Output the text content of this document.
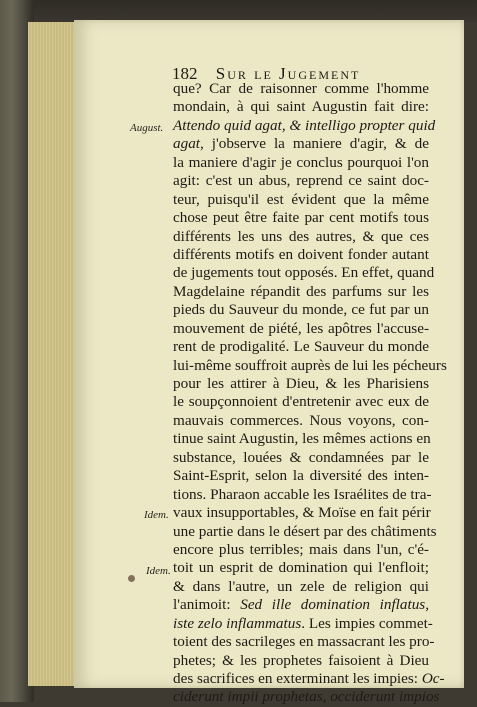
182 Sur le Jugement
August.
Idem.
Idem.
que? Car de raisonner comme l'homme
mondain, à qui saint Augustin fait dire:
Attendo quid agat, & intelligo propter quid
agat, j'observe la maniere d'agir, & de
la maniere d'agir je conclus pourquoi l'on
agit: c'est un abus, reprend ce saint doc-
teur, puisqu'il est évident que la même
chose peut être faite par cent motifs tous
différents les uns des autres, & que ces
différents motifs en doivent fonder autant
de jugements tout opposés. En effet, quand
Magdelaine répandit des parfums sur les
pieds du Sauveur du monde, ce fut par un
mouvement de piété, les apôtres l'accuse-
rent de prodigalité. Le Sauveur du monde
lui-même souffroit auprès de lui les pécheurs
pour les attirer à Dieu, & les Pharisiens
le soupçonnoient d'entretenir avec eux de
mauvais commerces. Nous voyons, con-
tinue saint Augustin, les mêmes actions en
substance, louées & condamnées par le
Saint-Esprit, selon la diversité des inten-
tions. Pharaon accable les Israélites de tra-
vaux insupportables, & Moïse en fait périr
une partie dans le désert par des châtiments
encore plus terribles; mais dans l'un, c'é-
toit un esprit de domination qui l'enfloit;
& dans l'autre, un zele de religion qui
l'animoit: Sed ille domination inflatus,
iste zelo inflammatus. Les impies commet-
toient des sacrileges en massacrant les pro-
phetes; & les prophetes faisoient à Dieu
des sacrifices en exterminant les impies: Oc-
ciderunt impii prophetas, occiderunt impios
